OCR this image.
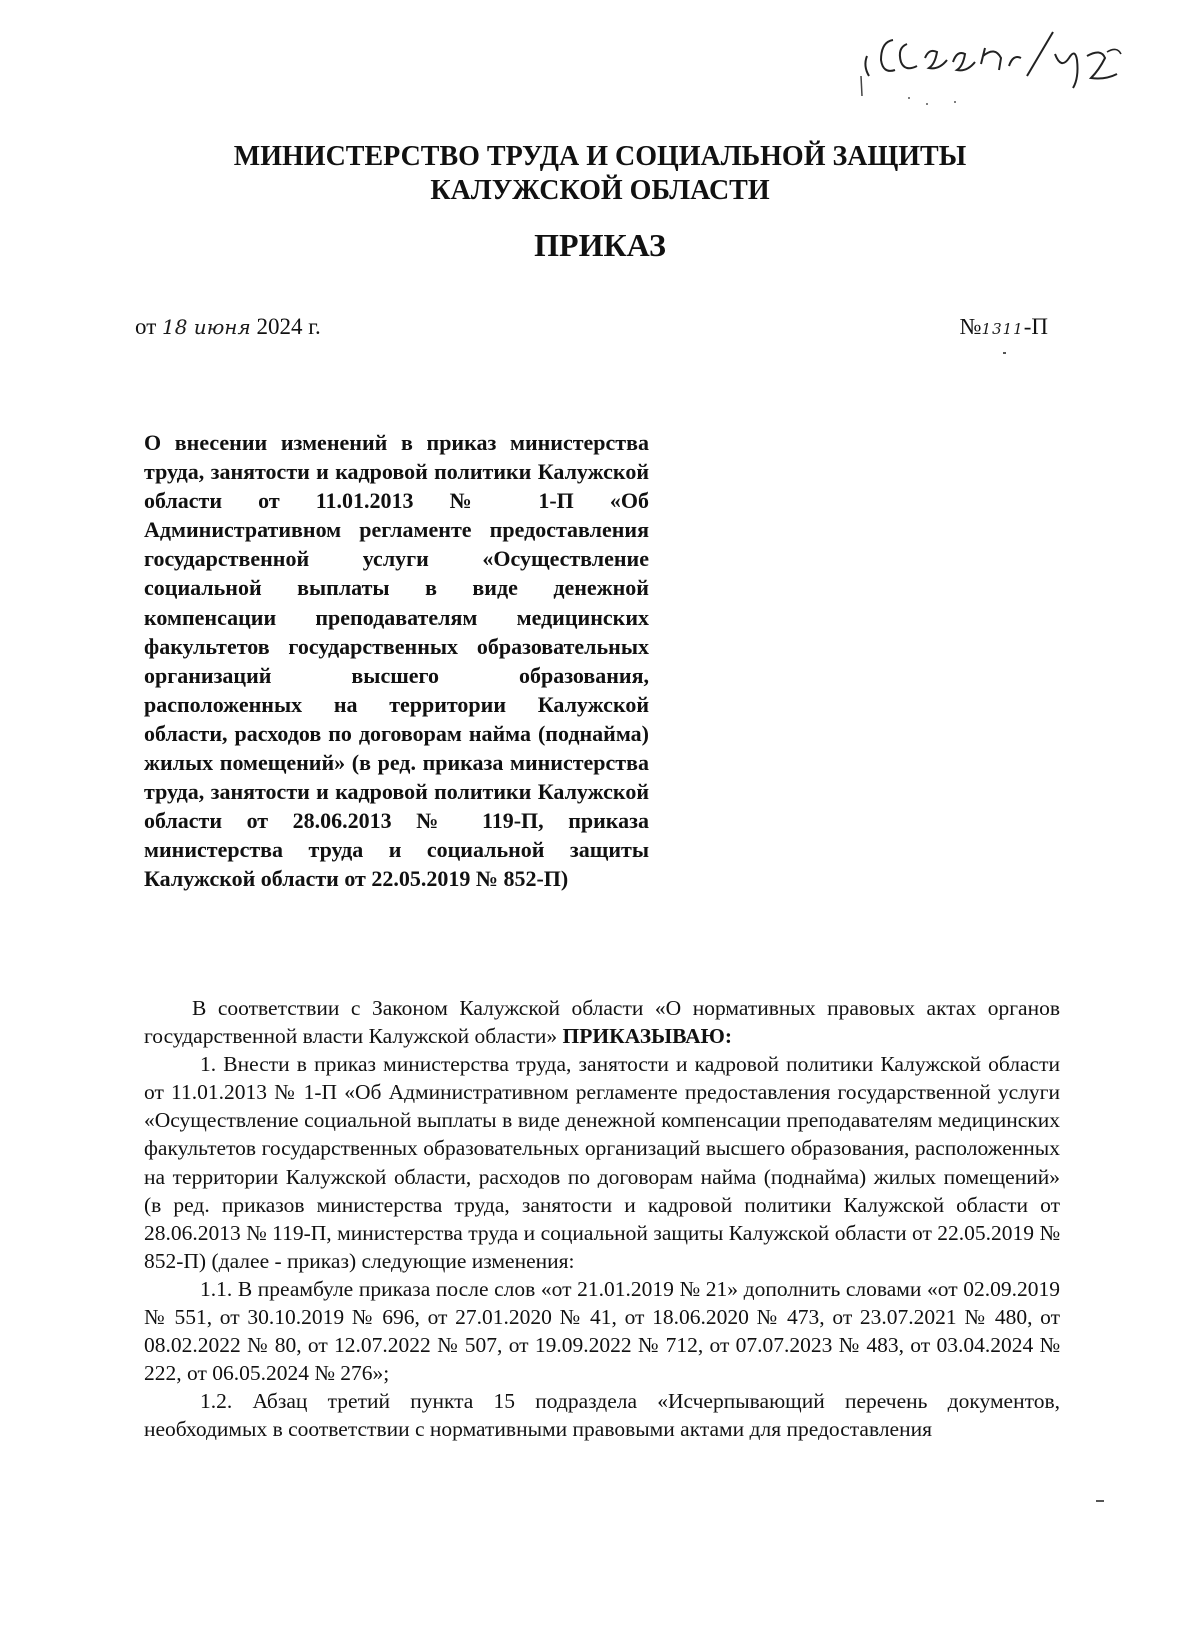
МИНИСТЕРСТВО ТРУДА И СОЦИАЛЬНОЙ ЗАЩИТЫ
КАЛУЖСКОЙ ОБЛАСТИ
ПРИКАЗ
от 18 июня 2024 г.	№1311-П

О внесении изменений в приказ министерства труда, занятости и кадровой политики Калужской области от 11.01.2013 № 1-П «Об Административном регламенте предоставления государственной услуги «Осуществление социальной выплаты в виде денежной компенсации преподавателям медицинских факультетов государственных образовательных организаций высшего образования, расположенных на территории Калужской области, расходов по договорам найма (поднайма) жилых помещений» (в ред. приказа министерства труда, занятости и кадровой политики Калужской области от 28.06.2013 № 119-П, приказа министерства труда и социальной защиты Калужской области от 22.05.2019 № 852-П)

В соответствии с Законом Калужской области «О нормативных правовых актах органов государственной власти Калужской области» ПРИКАЗЫВАЮ:

1. Внести в приказ министерства труда, занятости и кадровой политики Калужской области от 11.01.2013 № 1-П «Об Административном регламенте предоставления государственной услуги «Осуществление социальной выплаты в виде денежной компенсации преподавателям медицинских факультетов государственных образовательных организаций высшего образования, расположенных на территории Калужской области, расходов по договорам найма (поднайма) жилых помещений» (в ред. приказов министерства труда, занятости и кадровой политики Калужской области от 28.06.2013 № 119-П, министерства труда и социальной защиты Калужской области от 22.05.2019 № 852-П) (далее - приказ) следующие изменения:

1.1. В преамбуле приказа после слов «от 21.01.2019 № 21» дополнить словами «от 02.09.2019 № 551, от 30.10.2019 № 696, от 27.01.2020 № 41, от 18.06.2020 № 473, от 23.07.2021 № 480, от 08.02.2022 № 80, от 12.07.2022 № 507, от 19.09.2022 № 712, от 07.07.2023 № 483, от 03.04.2024 № 222, от 06.05.2024 № 276»;

1.2. Абзац третий пункта 15 подраздела «Исчерпывающий перечень документов, необходимых в соответствии с нормативными правовыми актами для предоставления
